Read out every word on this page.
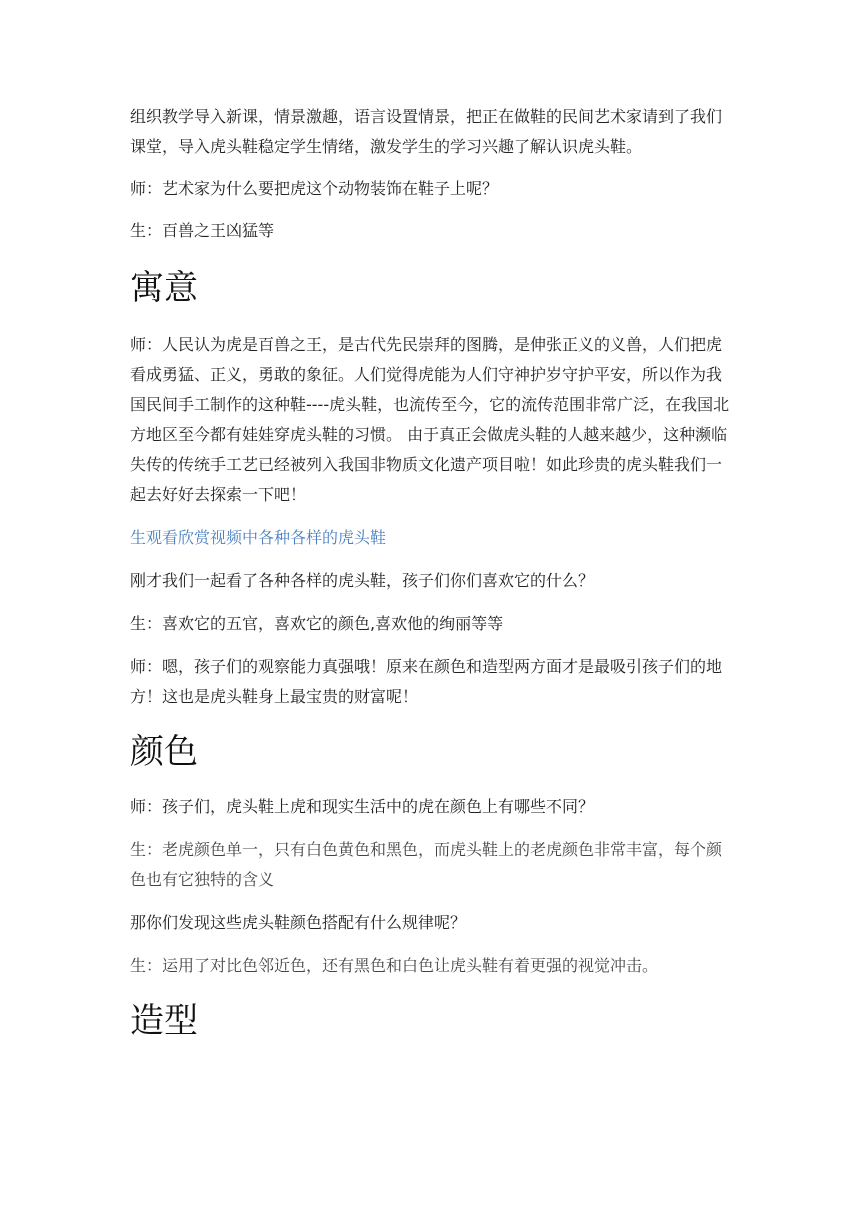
组织教学导入新课，情景激趣，语言设置情景，把正在做鞋的民间艺术家请到了我们课堂，导入虎头鞋稳定学生情绪，激发学生的学习兴趣了解认识虎头鞋。

师：艺术家为什么要把虎这个动物装饰在鞋子上呢？

生：百兽之王凶猛等

寓意

师：人民认为虎是百兽之王，是古代先民崇拜的图腾，是伸张正义的义兽，人们把虎看成勇猛、正义，勇敢的象征。人们觉得虎能为人们守神护岁守护平安，所以作为我国民间手工制作的这种鞋----虎头鞋，也流传至今，它的流传范围非常广泛，在我国北方地区至今都有娃娃穿虎头鞋的习惯。 由于真正会做虎头鞋的人越来越少，这种濒临失传的传统手工艺已经被列入我国非物质文化遗产项目啦！如此珍贵的虎头鞋我们一起去好好去探索一下吧！

生观看欣赏视频中各种各样的虎头鞋

刚才我们一起看了各种各样的虎头鞋，孩子们你们喜欢它的什么？

生：喜欢它的五官，喜欢它的颜色,喜欢他的绚丽等等

师：嗯，孩子们的观察能力真强哦！原来在颜色和造型两方面才是最吸引孩子们的地方！这也是虎头鞋身上最宝贵的财富呢！

颜色

师：孩子们，虎头鞋上虎和现实生活中的虎在颜色上有哪些不同？

生：老虎颜色单一，只有白色黄色和黑色，而虎头鞋上的老虎颜色非常丰富，每个颜色也有它独特的含义

那你们发现这些虎头鞋颜色搭配有什么规律呢？

生：运用了对比色邻近色，还有黑色和白色让虎头鞋有着更强的视觉冲击。

造型
